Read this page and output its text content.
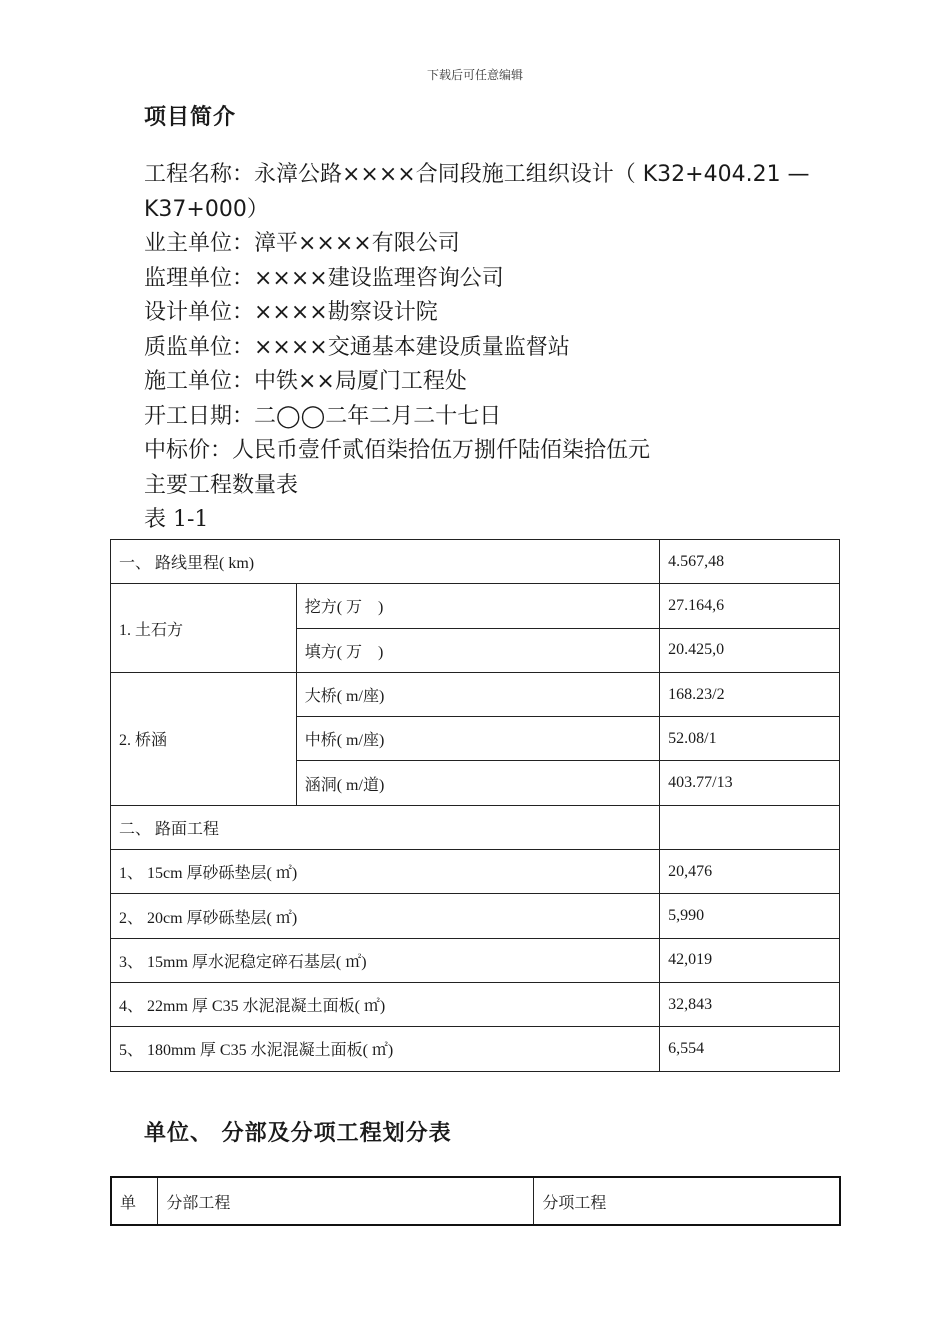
下载后可任意编辑
项目简介
工程名称：永漳公路××××合同段施工组织设计（ K32+404.21 —K37+000）
业主单位：漳平××××有限公司
监理单位：××××建设监理咨询公司
设计单位：××××勘察设计院
质监单位：××××交通基本建设质量监督站
施工单位：中铁××局厦门工程处
开工日期：二◯◯二年二月二十七日
中标价：人民币壹仟贰佰柒拾伍万捌仟陆佰柒拾伍元
主要工程数量表
表 1-1
一、 路线里程( km)		4.567,48
1. 土石方	挖方( 万　)	27.164,6
	填方( 万　)	20.425,0
2. 桥涵	大桥( m/座)	168.23/2
	中桥( m/座)	52.08/1
	涵洞( m/道)	403.77/13
二、 路面工程		
1、 15cm 厚砂砾垫层( ㎡)		20,476
2、 20cm 厚砂砾垫层( ㎡)		5,990
3、 15mm 厚水泥稳定碎石基层( ㎡)		42,019
4、 22mm 厚 C35 水泥混凝土面板( ㎡)		32,843
5、 180mm 厚 C35 水泥混凝土面板( ㎡)		6,554
单位、 分部及分项工程划分表
单	分部工程	分项工程
